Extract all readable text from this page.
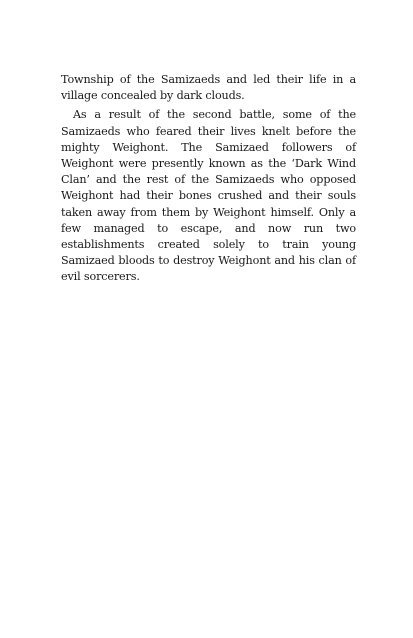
Township of the Samizaeds and led their life in a village concealed by dark clouds.

As a result of the second battle, some of the Samizaeds who feared their lives knelt before the mighty Weighont. The Samizaed followers of Weighont were presently known as the ‘Dark Wind Clan’ and the rest of the Samizaeds who opposed Weighont had their bones crushed and their souls taken away from them by Weighont himself. Only a few managed to escape, and now run two establishments created solely to train young Samizaed bloods to destroy Weighont and his clan of evil sorcerers.
